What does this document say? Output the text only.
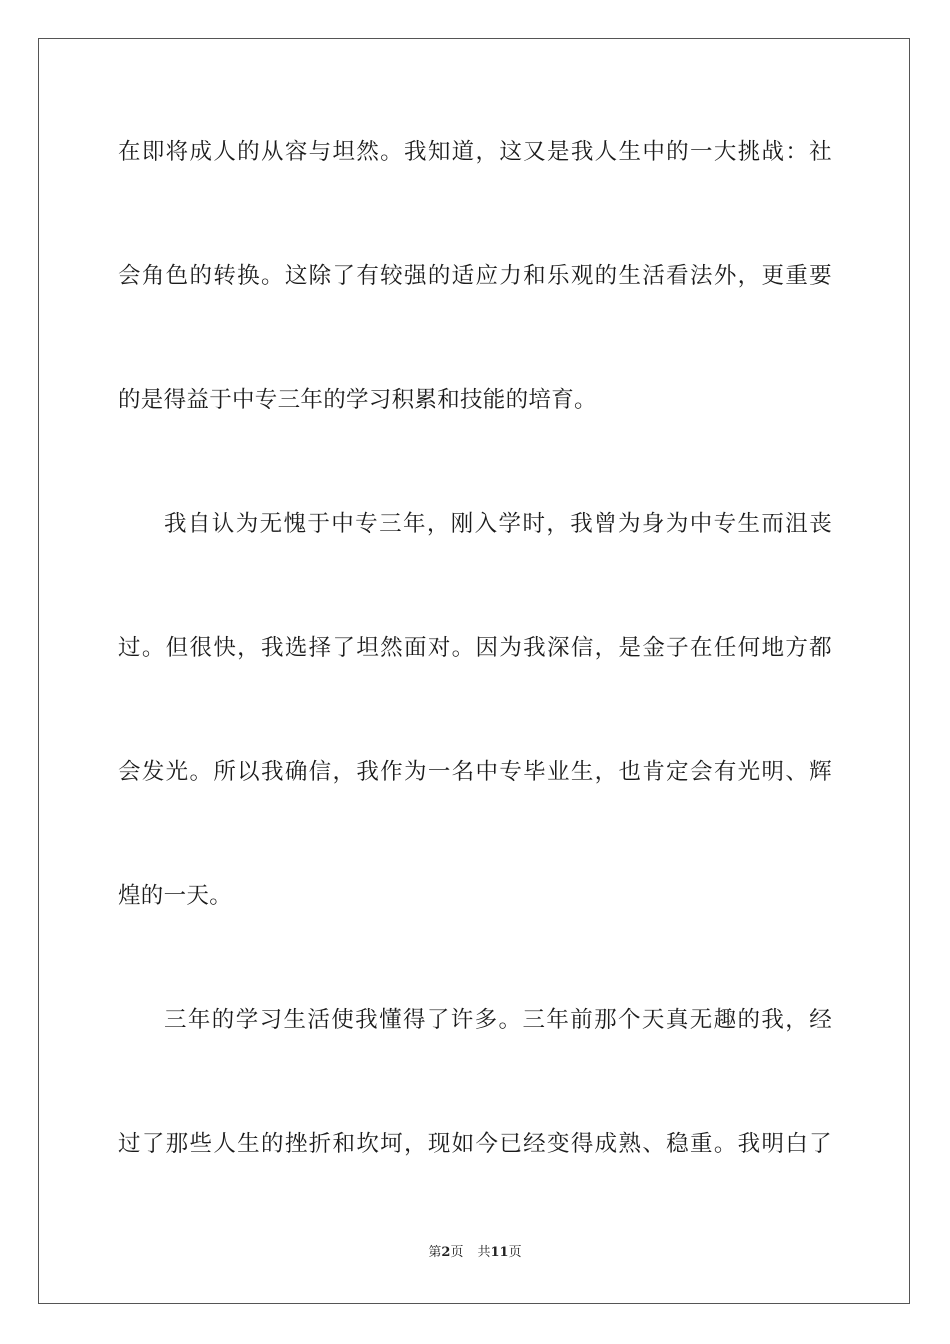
在即将成人的从容与坦然。我知道，这又是我人生中的一大挑战：社
会角色的转换。这除了有较强的适应力和乐观的生活看法外，更重要
的是得益于中专三年的学习积累和技能的培育。
我自认为无愧于中专三年，刚入学时，我曾为身为中专生而沮丧
过。但很快，我选择了坦然面对。因为我深信，是金子在任何地方都
会发光。所以我确信，我作为一名中专毕业生，也肯定会有光明、辉
煌的一天。
三年的学习生活使我懂得了许多。三年前那个天真无趣的我，经
过了那些人生的挫折和坎坷，现如今已经变得成熟、稳重。我明白了
第2页 共11页
